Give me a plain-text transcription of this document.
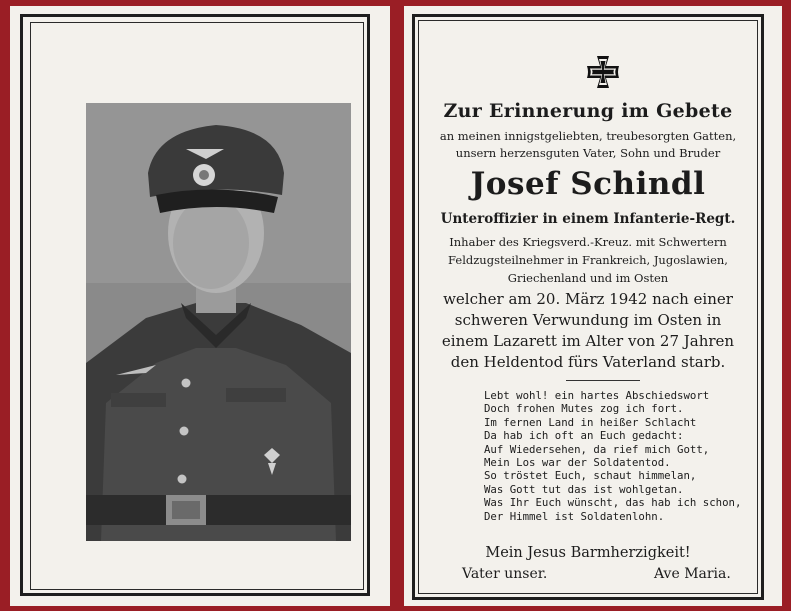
Zur Erinnerung im Gebete
an meinen innigstgeliebten, treubesorgten Gatten,
unsern herzensguten Vater, Sohn und Bruder
Josef Schindl
Unteroffizier in einem Infanterie-Regt.
Inhaber des Kriegsverd.-Kreuz. mit Schwertern
Feldzugsteilnehmer in Frankreich, Jugoslawien,
Griechenland und im Osten
welcher am 20. März 1942 nach einer
schweren Verwundung im Osten in
einem Lazarett im Alter von 27 Jahren
den Heldentod fürs Vaterland starb.
Lebt wohl! ein hartes Abschiedswort
Doch frohen Mutes zog ich fort.
Im fernen Land in heißer Schlacht
Da hab ich oft an Euch gedacht:
Auf Wiedersehen, da rief mich Gott,
Mein Los war der Soldatentod.
So tröstet Euch, schaut himmelan,
Was Gott tut das ist wohlgetan.
Was Ihr Euch wünscht, das hab ich schon,
Der Himmel ist Soldatenlohn.
Mein Jesus Barmherzigkeit!
Vater unser.	Ave Maria.
